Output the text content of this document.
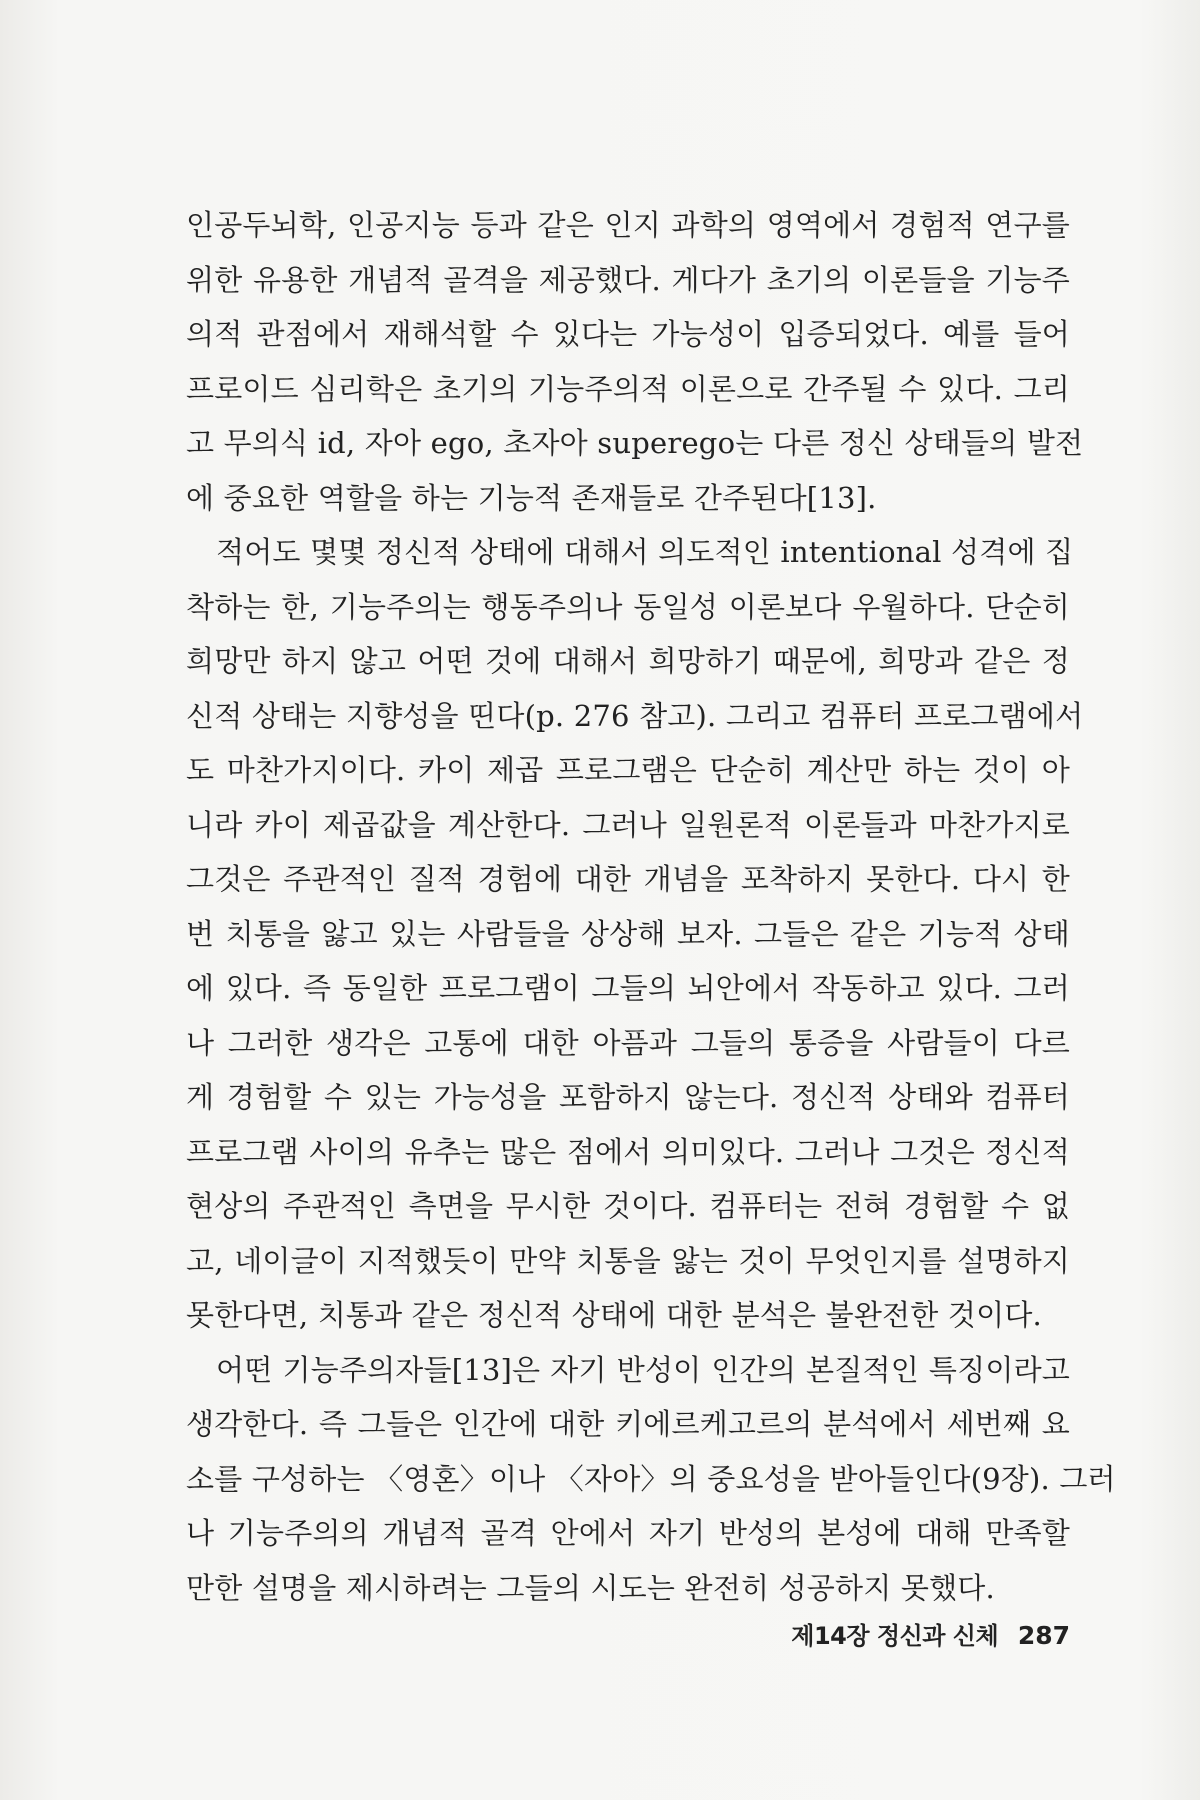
인공두뇌학, 인공지능 등과 같은 인지 과학의 영역에서 경험적 연구를
위한 유용한 개념적 골격을 제공했다. 게다가 초기의 이론들을 기능주
의적 관점에서 재해석할 수 있다는 가능성이 입증되었다. 예를 들어
프로이드 심리학은 초기의 기능주의적 이론으로 간주될 수 있다. 그리
고 무의식 id, 자아 ego, 초자아 superego는 다른 정신 상태들의 발전
에 중요한 역할을 하는 기능적 존재들로 간주된다[13].

적어도 몇몇 정신적 상태에 대해서 의도적인 intentional 성격에 집
착하는 한, 기능주의는 행동주의나 동일성 이론보다 우월하다. 단순히
희망만 하지 않고 어떤 것에 대해서 희망하기 때문에, 희망과 같은 정
신적 상태는 지향성을 띤다(p. 276 참고). 그리고 컴퓨터 프로그램에서
도 마찬가지이다. 카이 제곱 프로그램은 단순히 계산만 하는 것이 아
니라 카이 제곱값을 계산한다. 그러나 일원론적 이론들과 마찬가지로
그것은 주관적인 질적 경험에 대한 개념을 포착하지 못한다. 다시 한
번 치통을 앓고 있는 사람들을 상상해 보자. 그들은 같은 기능적 상태
에 있다. 즉 동일한 프로그램이 그들의 뇌안에서 작동하고 있다. 그러
나 그러한 생각은 고통에 대한 아픔과 그들의 통증을 사람들이 다르
게 경험할 수 있는 가능성을 포함하지 않는다. 정신적 상태와 컴퓨터
프로그램 사이의 유추는 많은 점에서 의미있다. 그러나 그것은 정신적
현상의 주관적인 측면을 무시한 것이다. 컴퓨터는 전혀 경험할 수 없
고, 네이글이 지적했듯이 만약 치통을 앓는 것이 무엇인지를 설명하지
못한다면, 치통과 같은 정신적 상태에 대한 분석은 불완전한 것이다.

어떤 기능주의자들[13]은 자기 반성이 인간의 본질적인 특징이라고
생각한다. 즉 그들은 인간에 대한 키에르케고르의 분석에서 세번째 요
소를 구성하는 〈영혼〉이나 〈자아〉의 중요성을 받아들인다(9장). 그러
나 기능주의의 개념적 골격 안에서 자기 반성의 본성에 대해 만족할
만한 설명을 제시하려는 그들의 시도는 완전히 성공하지 못했다.

제14장 정신과 신체 287
